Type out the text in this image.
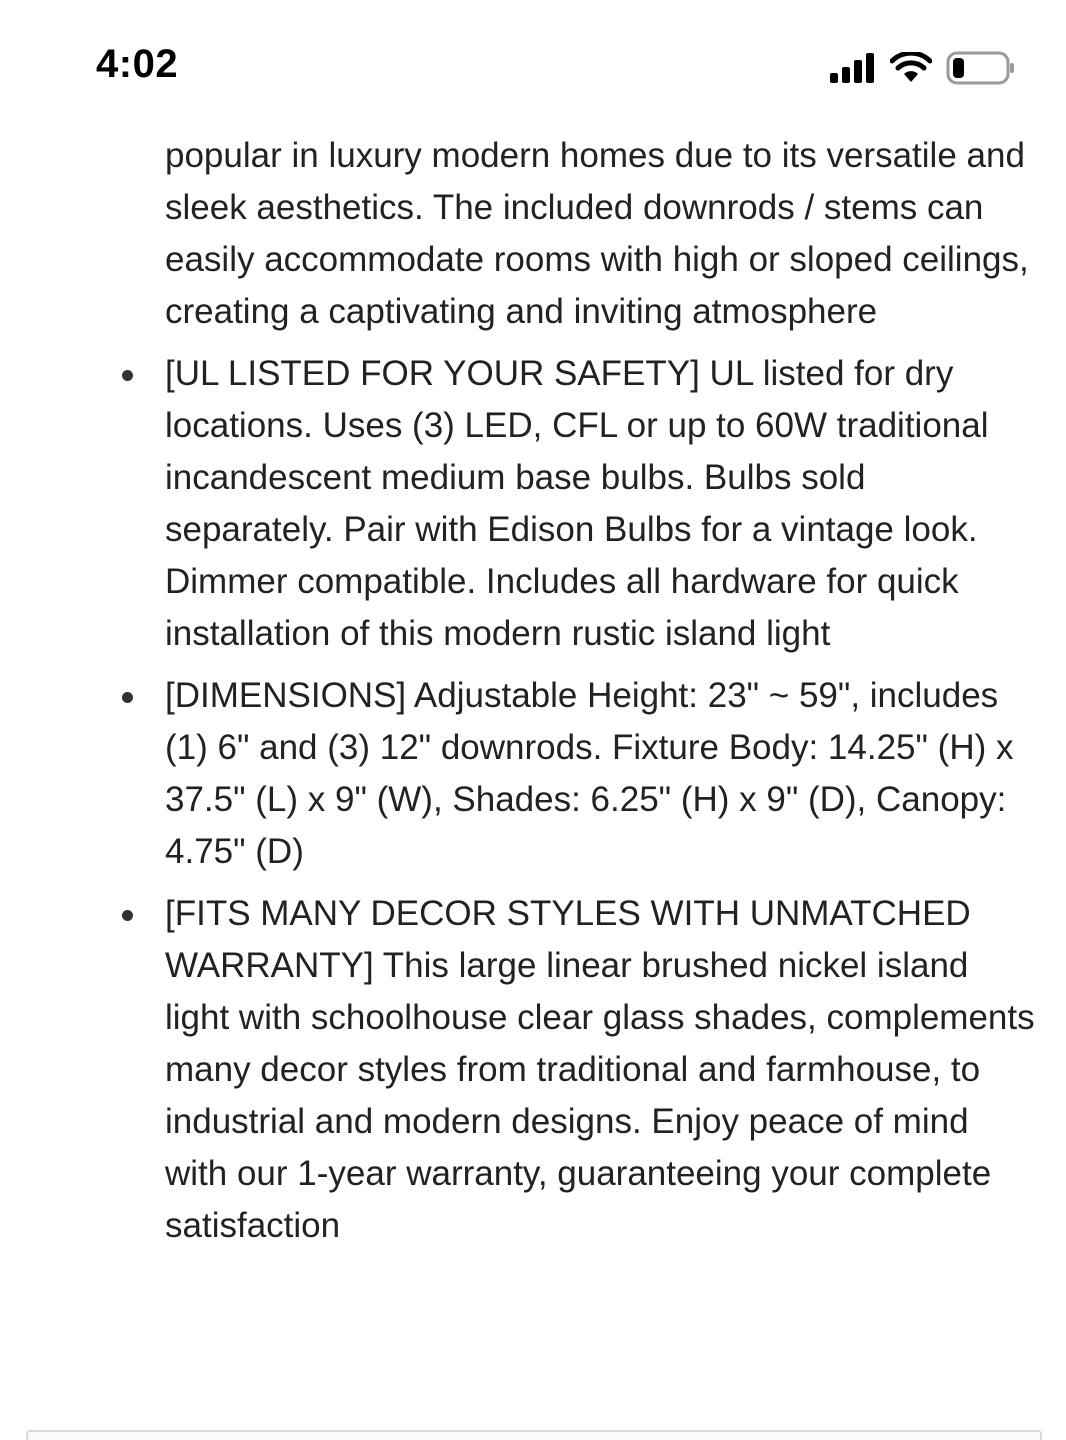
4:02

popular in luxury modern homes due to its versatile and sleek aesthetics. The included downrods / stems can easily accommodate rooms with high or sloped ceilings, creating a captivating and inviting atmosphere

[UL LISTED FOR YOUR SAFETY] UL listed for dry locations. Uses (3) LED, CFL or up to 60W traditional incandescent medium base bulbs. Bulbs sold separately. Pair with Edison Bulbs for a vintage look. Dimmer compatible. Includes all hardware for quick installation of this modern rustic island light
[DIMENSIONS] Adjustable Height: 23" ~ 59", includes (1) 6" and (3) 12" downrods. Fixture Body: 14.25" (H) x 37.5" (L) x 9" (W), Shades: 6.25" (H) x 9" (D), Canopy: 4.75" (D)
[FITS MANY DECOR STYLES WITH UNMATCHED WARRANTY] This large linear brushed nickel island light with schoolhouse clear glass shades, complements many decor styles from traditional and farmhouse, to industrial and modern designs. Enjoy peace of mind with our 1-year warranty, guaranteeing your complete satisfaction
